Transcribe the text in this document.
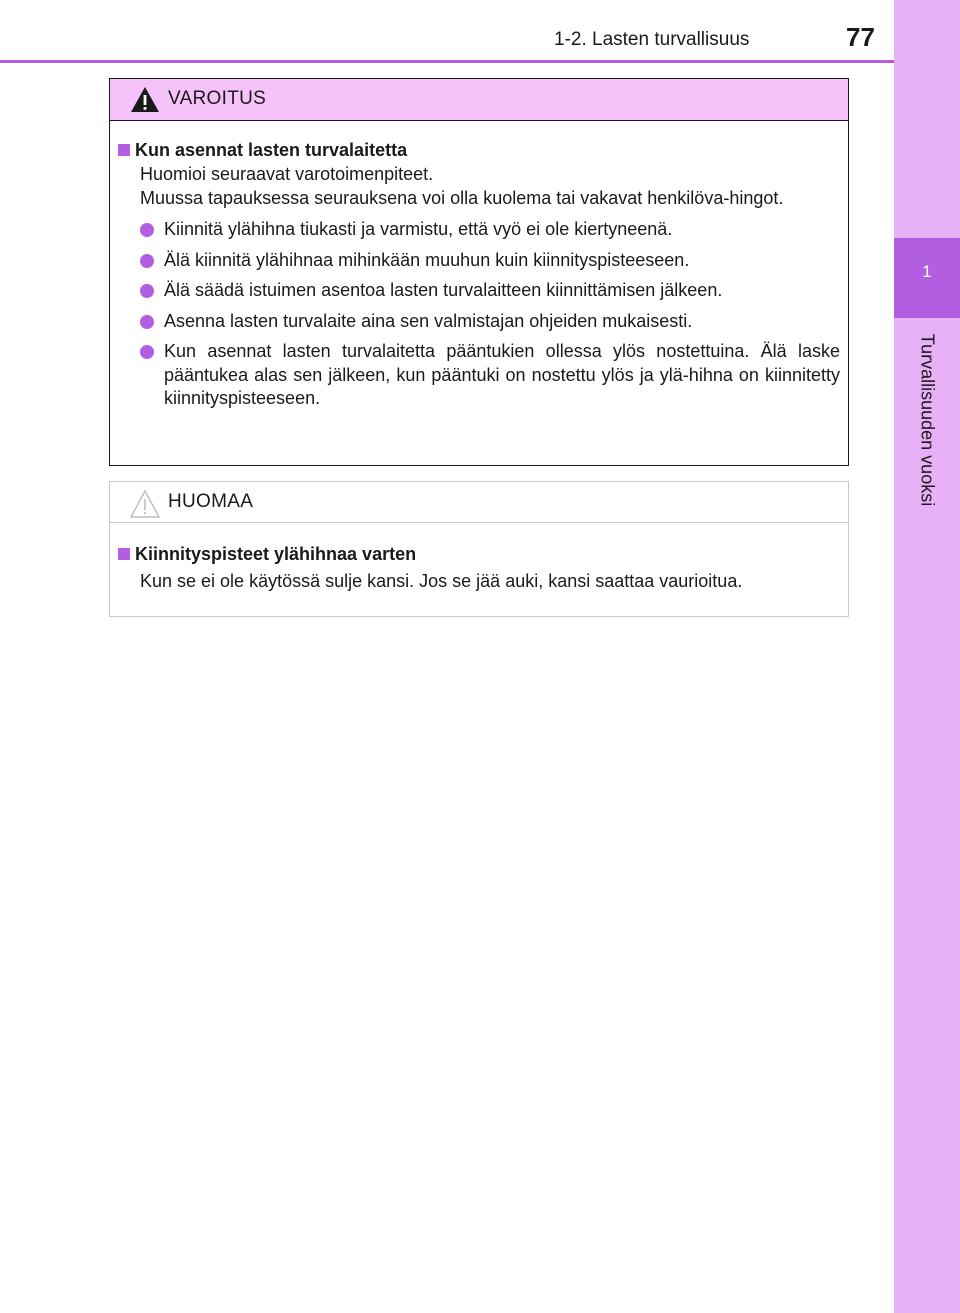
1
Turvallisuuden vuoksi
1-2. Lasten turvallisuus	77
VAROITUS
Kun asennat lasten turvalaitetta
Huomioi seuraavat varotoimenpiteet.
Muussa tapauksessa seurauksena voi olla kuolema tai vakavat henkilöva-hingot.
Kiinnitä ylähihna tiukasti ja varmistu, että vyö ei ole kiertyneenä.
Älä kiinnitä ylähihnaa mihinkään muuhun kuin kiinnityspisteeseen.
Älä säädä istuimen asentoa lasten turvalaitteen kiinnittämisen jälkeen.
Asenna lasten turvalaite aina sen valmistajan ohjeiden mukaisesti.
Kun asennat lasten turvalaitetta pääntukien ollessa ylös nostettuina. Älä laske pääntukea alas sen jälkeen, kun pääntuki on nostettu ylös ja ylä-hihna on kiinnitetty kiinnityspisteeseen.
HUOMAA
Kiinnityspisteet ylähihnaa varten
Kun se ei ole käytössä sulje kansi. Jos se jää auki, kansi saattaa vaurioitua.
